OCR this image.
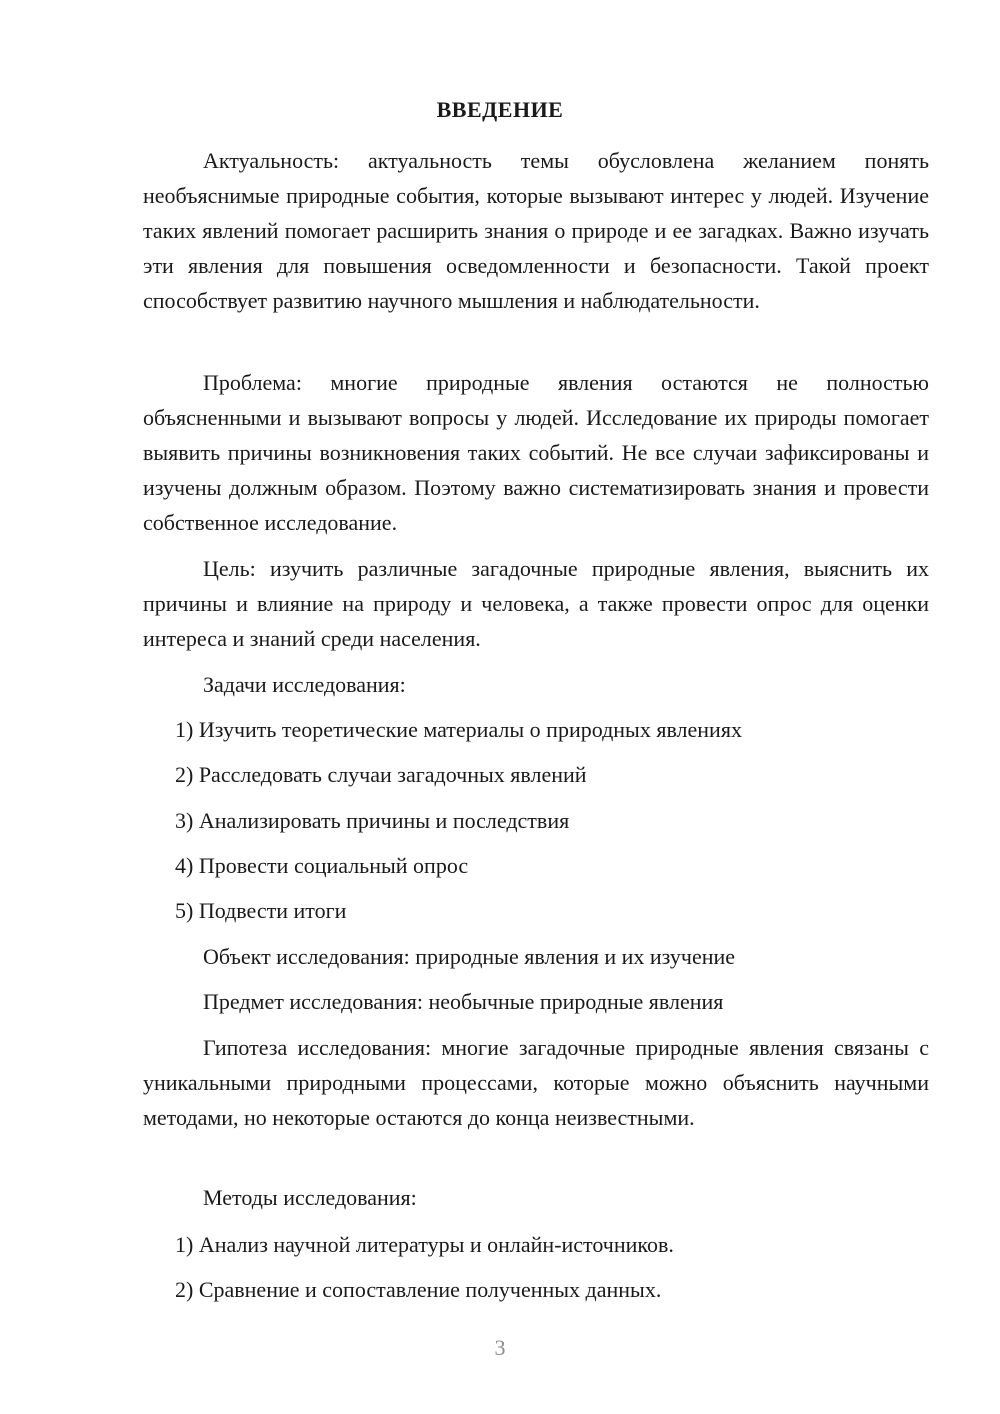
ВВЕДЕНИЕ

Актуальность: актуальность темы обусловлена желанием понять необъяснимые природные события, которые вызывают интерес у людей. Изучение таких явлений помогает расширить знания о природе и ее загадках. Важно изучать эти явления для повышения осведомленности и безопасности. Такой проект способствует развитию научного мышления и наблюдательности.

Проблема: многие природные явления остаются не полностью объясненными и вызывают вопросы у людей. Исследование их природы помогает выявить причины возникновения таких событий. Не все случаи зафиксированы и изучены должным образом. Поэтому важно систематизировать знания и провести собственное исследование.

Цель: изучить различные загадочные природные явления, выяснить их причины и влияние на природу и человека, а также провести опрос для оценки интереса и знаний среди населения.

Задачи исследования:

1) Изучить теоретические материалы о природных явлениях

2) Расследовать случаи загадочных явлений

3) Анализировать причины и последствия

4) Провести социальный опрос

5) Подвести итоги

Объект исследования: природные явления и их изучение

Предмет исследования: необычные природные явления

Гипотеза исследования: многие загадочные природные явления связаны с уникальными природными процессами, которые можно объяснить научными методами, но некоторые остаются до конца неизвестными.

Методы исследования:

1) Анализ научной литературы и онлайн-источников.

2) Сравнение и сопоставление полученных данных.

3
